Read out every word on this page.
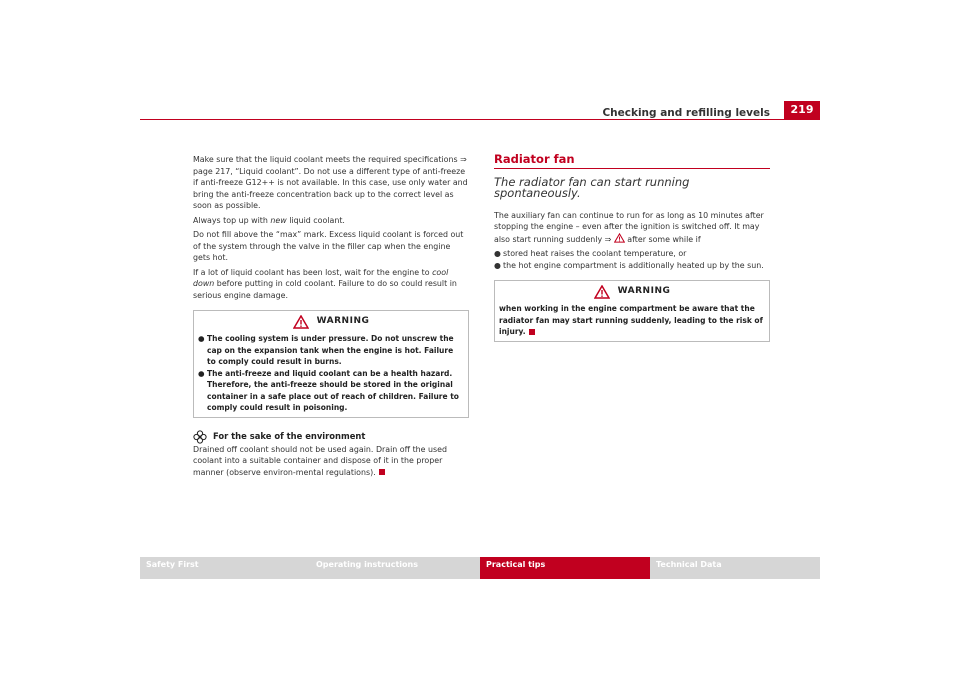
Checking and refilling levels	219

Make sure that the liquid coolant meets the required specifications ⇒ page 217, “Liquid coolant”. Do not use a different type of anti-freeze if anti-freeze G12++ is not available. In this case, use only water and bring the anti-freeze concentration back up to the correct level as soon as possible.

Always top up with new liquid coolant.

Do not fill above the “max” mark. Excess liquid coolant is forced out of the system through the valve in the filler cap when the engine gets hot.

If a lot of liquid coolant has been lost, wait for the engine to cool down before putting in cold coolant. Failure to do so could result in serious engine damage.

WARNING
● The cooling system is under pressure. Do not unscrew the cap on the expansion tank when the engine is hot. Failure to comply could result in burns.
● The anti-freeze and liquid coolant can be a health hazard. Therefore, the anti-freeze should be stored in the original container in a safe place out of reach of children. Failure to comply could result in poisoning.
For the sake of the environment

Drained off coolant should not be used again. Drain off the used coolant into a suitable container and dispose of it in the proper manner (observe environ-mental regulations).

Radiator fan
The radiator fan can start running spontaneously.

The auxiliary fan can continue to run for as long as 10 minutes after stopping the engine – even after the ignition is switched off. It may also start running suddenly ⇒  after some while if

● stored heat raises the coolant temperature, or
● the hot engine compartment is additionally heated up by the sun.
WARNING
when working in the engine compartment be aware that the radiator fan may start running suddenly, leading to the risk of injury.
Safety First	Operating instructions	Practical tips	Technical Data
